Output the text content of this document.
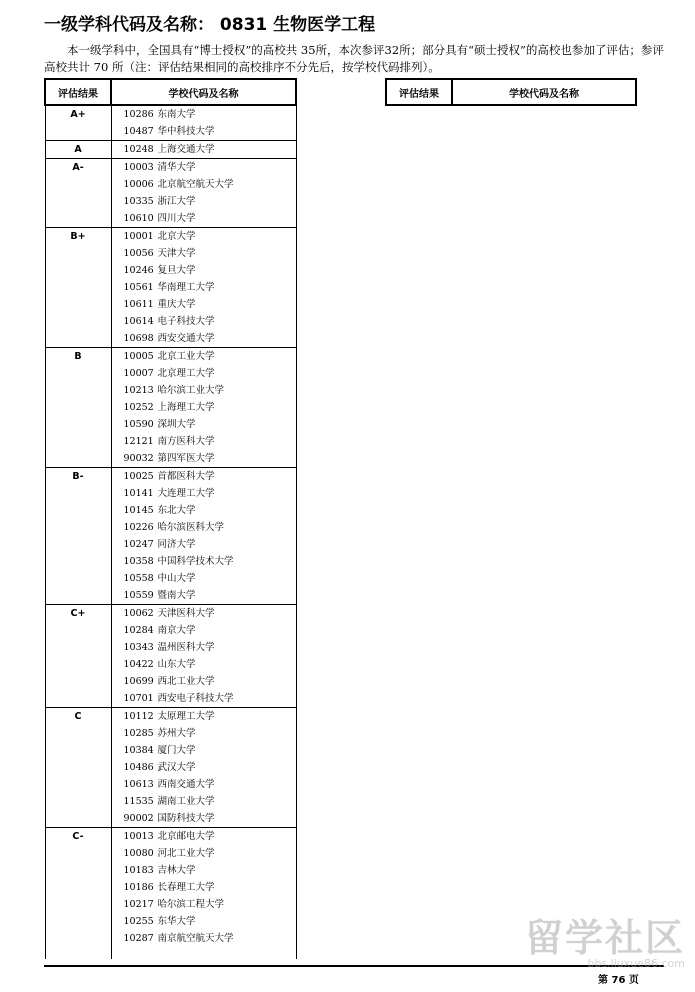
一级学科代码及名称： 0831 生物医学工程
本一级学科中，全国具有“博士授权”的高校共 35所，本次参评32所；部分具有“硕士授权”的高校也参加了评估；参评高校共计 70 所（注：评估结果相同的高校排序不分先后，按学校代码排列）。
评估结果	学校代码及名称
A+	10286 东南大学

	10487 华中科技大学

A	10248 上海交通大学

A-	10003 清华大学

	10006 北京航空航天大学

	10335 浙江大学

	10610 四川大学

B+	10001 北京大学

	10056 天津大学

	10246 复旦大学

	10561 华南理工大学

	10611 重庆大学

	10614 电子科技大学

	10698 西安交通大学

B	10005 北京工业大学

	10007 北京理工大学

	10213 哈尔滨工业大学

	10252 上海理工大学

	10590 深圳大学

	12121 南方医科大学

	90032 第四军医大学

B-	10025 首都医科大学

	10141 大连理工大学

	10145 东北大学

	10226 哈尔滨医科大学

	10247 同济大学

	10358 中国科学技术大学

	10558 中山大学

	10559 暨南大学

C+	10062 天津医科大学

	10284 南京大学

	10343 温州医科大学

	10422 山东大学

	10699 西北工业大学

	10701 西安电子科技大学

C	10112 太原理工大学

	10285 苏州大学

	10384 厦门大学

	10486 武汉大学

	10613 西南交通大学

	11535 湖南工业大学

	90002 国防科技大学

C-	10013 北京邮电大学

	10080 河北工业大学

	10183 吉林大学

	10186 长春理工大学

	10217 哈尔滨工程大学

	10255 东华大学

	10287 南京航空航天大学

评估结果	学校代码及名称
第 76 页
留学社区
bbs.liuxue86.com
